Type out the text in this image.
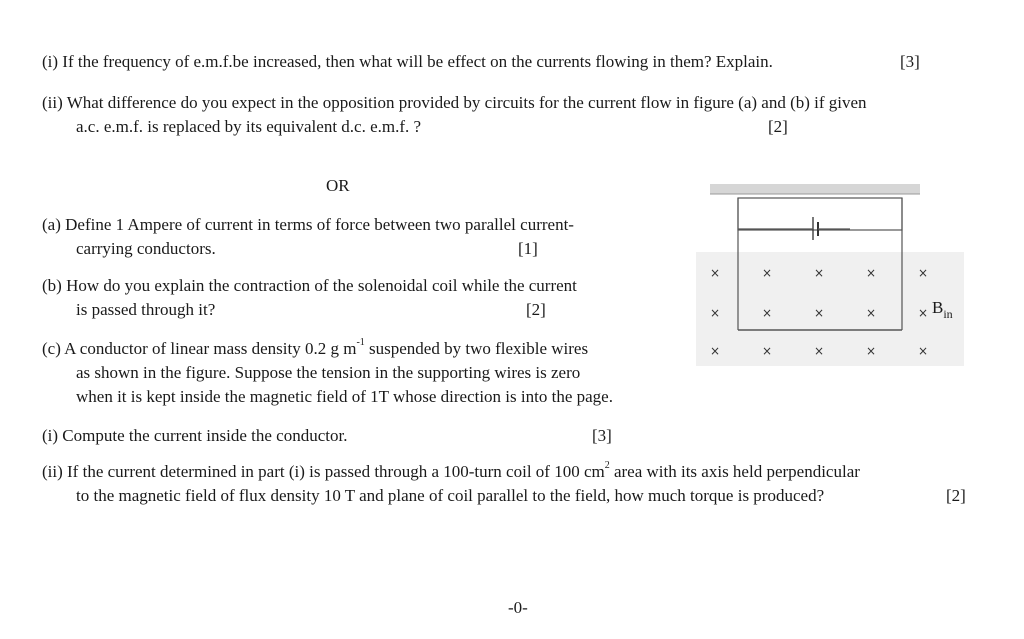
(i) If the frequency of e.m.f.be increased, then what will be effect on the currents flowing in them? Explain.	[3]
(ii) What difference do you expect in the opposition provided by circuits for the current flow in figure (a) and (b) if given
a.c. e.m.f. is replaced by its equivalent d.c. e.m.f. ?	[2]
OR
(a) Define 1 Ampere of current in terms of force between two parallel current-
carrying conductors.	[1]
(b) How do you explain the contraction of the solenoidal coil while the current
is passed through it?	[2]
(c) A conductor of linear mass density 0.2 g $m^{-1}$ suspended by two flexible wires
as shown in the figure. Suppose the tension in the supporting wires is zero
when it is kept inside the magnetic field of 1T whose direction is into the page.
(i) Compute the current inside the conductor.	[3]
(ii) If the current determined in part (i) is passed through a 100-turn coil of 100 $cm^2$ area with its axis held perpendicular
to the magnetic field of flux density 10 T and plane of coil parallel to the field, how much torque is produced?	[2]
×	×	×	×	×
×	×	×	×	×
×	×	×	×	×
$B_{in}$
-0-
